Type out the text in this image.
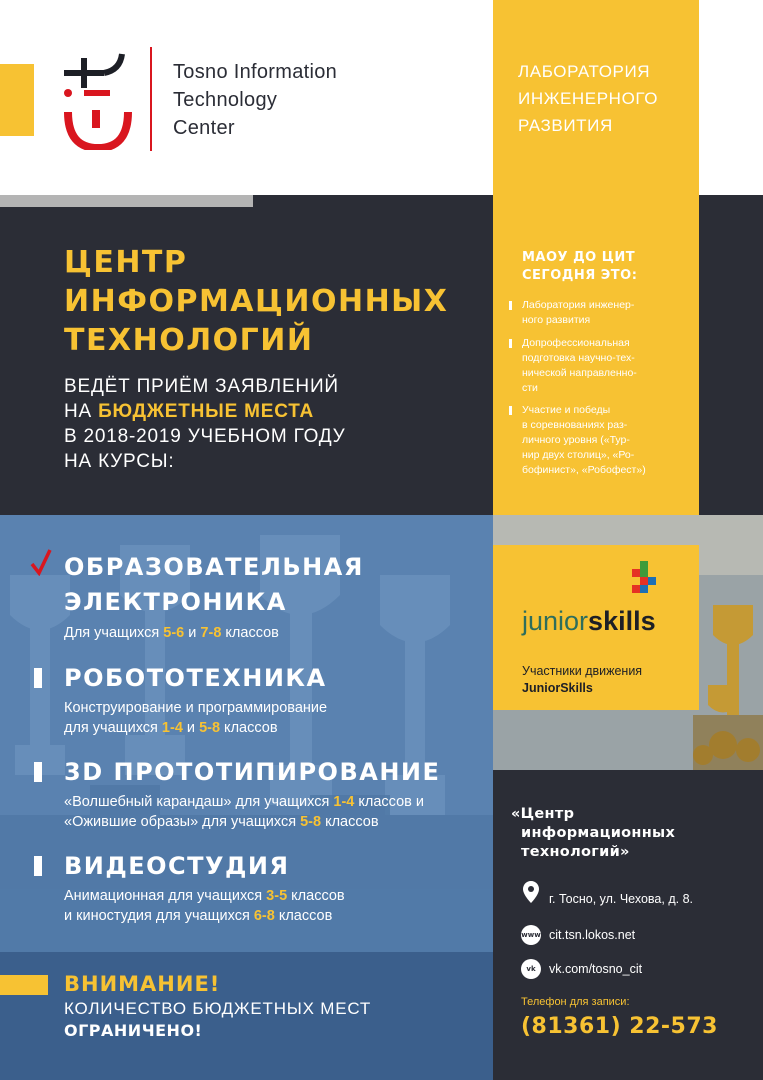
Tosno Information
Technology
Center
ЛАБОРАТОРИЯ
ИНЖЕНЕРНОГО
РАЗВИТИЯ
ЦЕНТР
ИНФОРМАЦИОННЫХ
ТЕХНОЛОГИЙ
ВЕДЁТ ПРИЁМ ЗАЯВЛЕНИЙ
НА БЮДЖЕТНЫЕ МЕСТА
В 2018-2019 УЧЕБНОМ ГОДУ
НА КУРСЫ:
МАОУ ДО ЦИТ
СЕГОДНЯ ЭТО:
Лаборатория инженер-
ного развития
Допрофессиональная
подготовка научно-тех-
нической направленно-
сти
Участие и победы
в соревнованиях раз-
личного уровня («Тур-
нир двух столиц», «Ро-
бофинист», «Робофест»)
juniorskills
Участники движения
JuniorSkills
ОБРАЗОВАТЕЛЬНАЯ
ЭЛЕКТРОНИКА
Для учащихся 5-6 и 7-8 классов
РОБОТОТЕХНИКА
Конструирование и программирование
для учащихся 1-4 и 5-8 классов
3D ПРОТОТИПИРОВАНИЕ
«Волшебный карандаш» для учащихся 1-4 классов и
«Ожившие образы» для учащихся 5-8 классов
ВИДЕОСТУДИЯ
Анимационная для учащихся 3-5 классов
и киностудия для учащихся 6-8 классов
«Центр
информационных
технологий»
г. Тосно, ул. Чехова, д. 8.
www cit.tsn.lokos.net
vk	vk.com/tosno_cit
Телефон для записи:
(81361) 22-573
ВНИМАНИЕ!
КОЛИЧЕСТВО БЮДЖЕТНЫХ МЕСТ
ОГРАНИЧЕНО!
